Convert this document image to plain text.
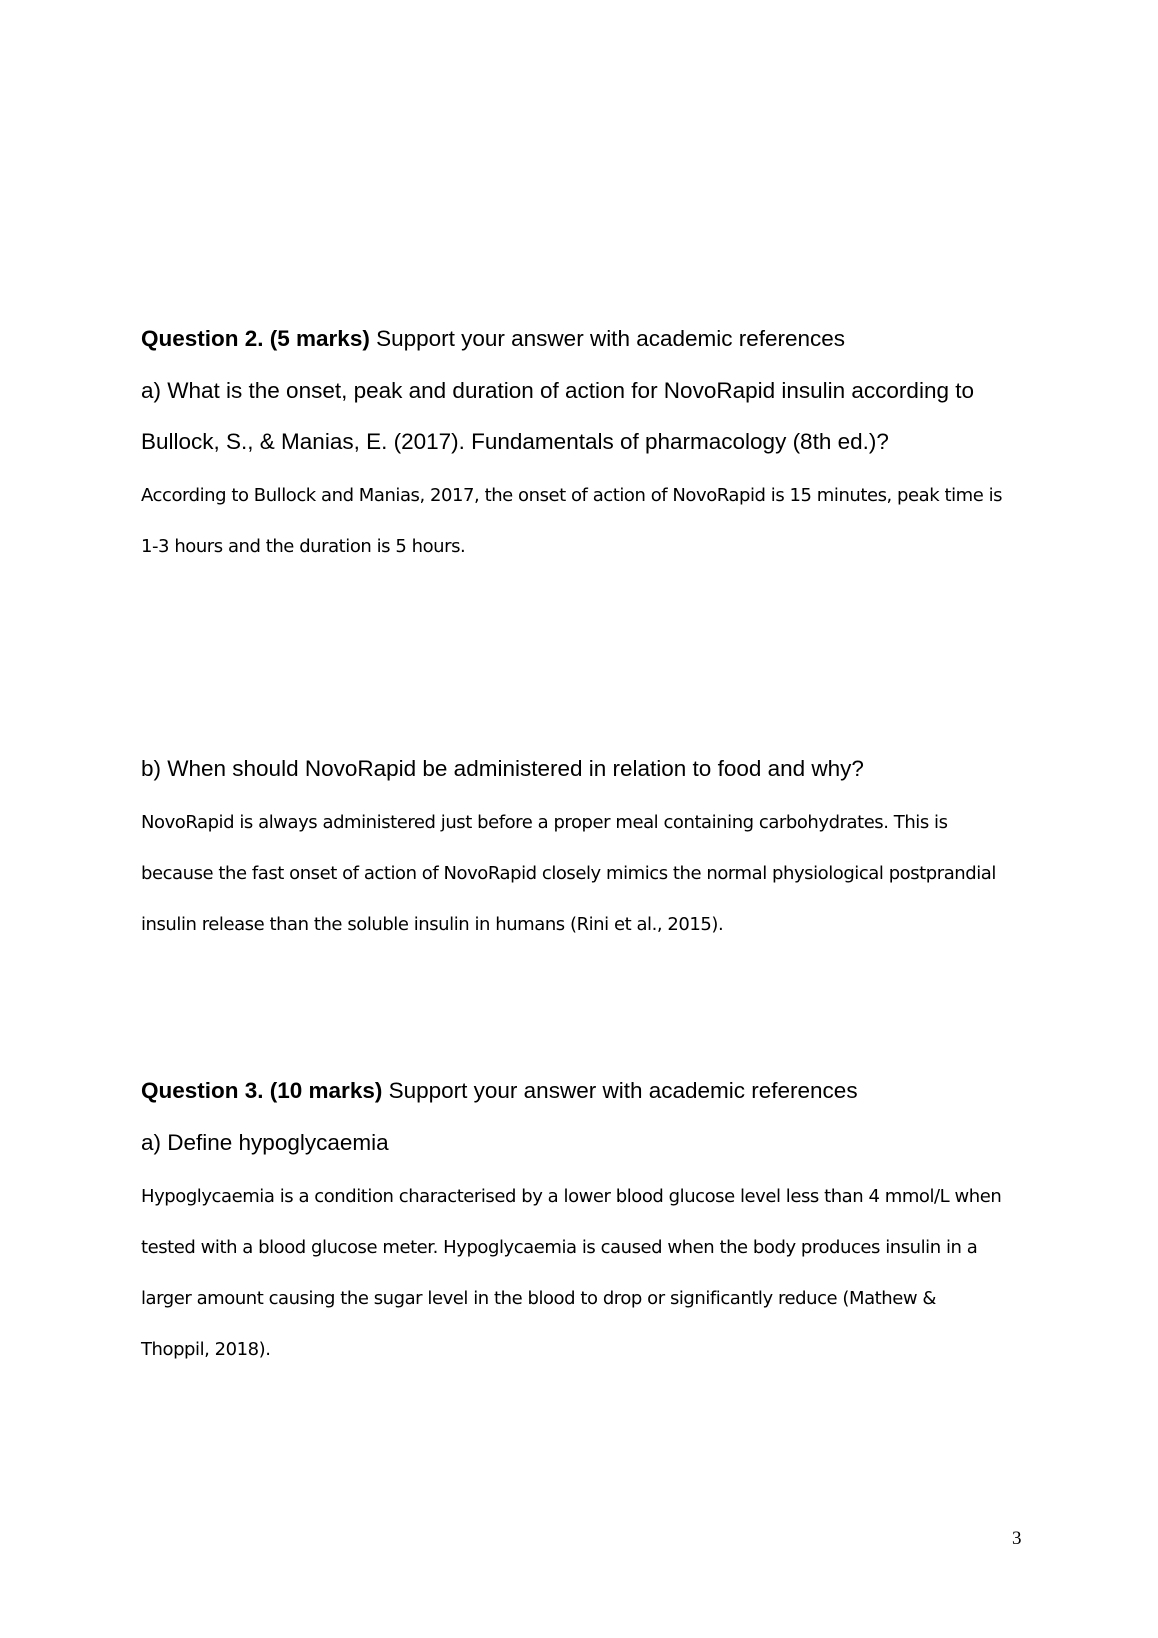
Question 2. (5 marks) Support your answer with academic references

a) What is the onset, peak and duration of action for NovoRapid insulin according to

Bullock, S., & Manias, E. (2017). Fundamentals of pharmacology (8th ed.)?

According to Bullock and Manias, 2017, the onset of action of NovoRapid is 15 minutes, peak time is

1-3 hours and the duration is 5 hours.

b) When should NovoRapid be administered in relation to food and why?

NovoRapid is always administered just before a proper meal containing carbohydrates. This is

because the fast onset of action of NovoRapid closely mimics the normal physiological postprandial

insulin release than the soluble insulin in humans (Rini et al., 2015).

Question 3. (10 marks) Support your answer with academic references

a) Define hypoglycaemia

Hypoglycaemia is a condition characterised by a lower blood glucose level less than 4 mmol/L when

tested with a blood glucose meter. Hypoglycaemia is caused when the body produces insulin in a

larger amount causing the sugar level in the blood to drop or significantly reduce (Mathew &

Thoppil, 2018).

3
